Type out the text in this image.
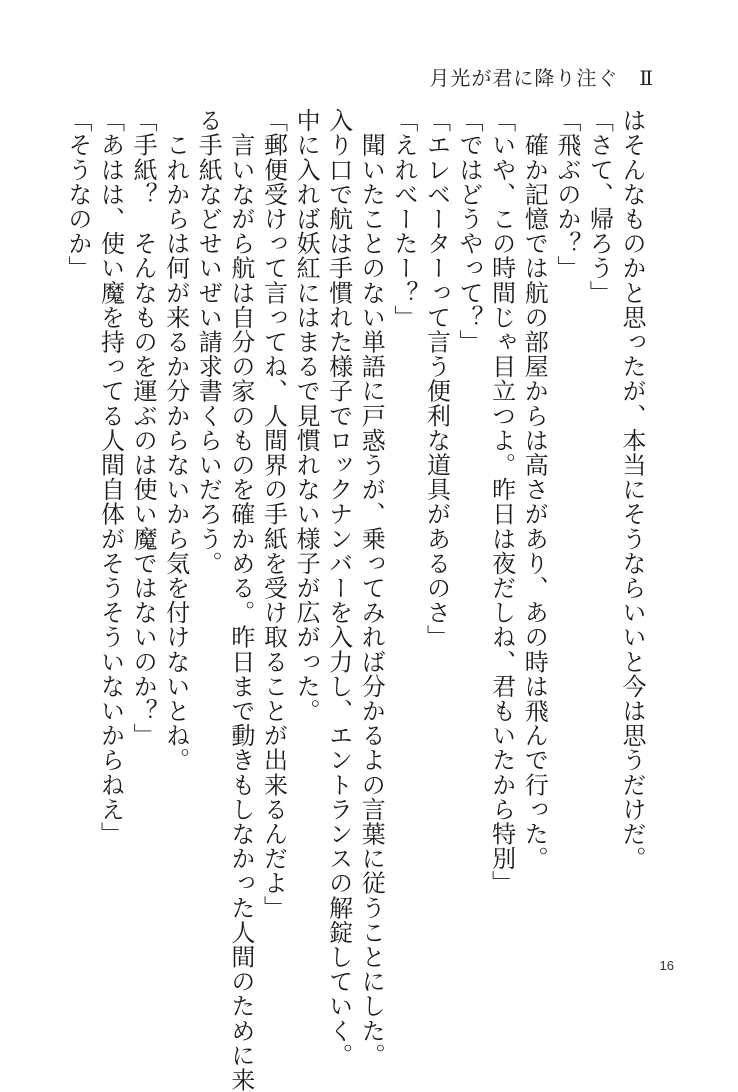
月光が君に降り注ぐ　Ⅱ
はそんなものかと思ったが、本当にそうならいいと今は思うだけだ。
「さて、帰ろう」
「飛ぶのか？」
　確か記憶では航の部屋からは高さがあり、あの時は飛んで行った。
「いや、この時間じゃ目立つよ。昨日は夜だしね、君もいたから特別」
「ではどうやって？」
「エレベーターって言う便利な道具があるのさ」
「えれべーたー？」
　聞いたことのない単語に戸惑うが、乗ってみれば分かるよの言葉に従うことにした。
入り口で航は手慣れた様子でロックナンバーを入力し、エントランスの解錠していく。
中に入れば妖紅にはまるで見慣れない様子が広がった。
「郵便受けって言ってね、人間界の手紙を受け取ることが出来るんだよ」
　言いながら航は自分の家のものを確かめる。昨日まで動きもしなかった人間のために来
る手紙などせいぜい請求書くらいだろう。
　これからは何が来るか分からないから気を付けないとね。
「手紙？　そんなものを運ぶのは使い魔ではないのか？」
「あはは、使い魔を持ってる人間自体がそうそういないからねえ」
「そうなのか」
16
